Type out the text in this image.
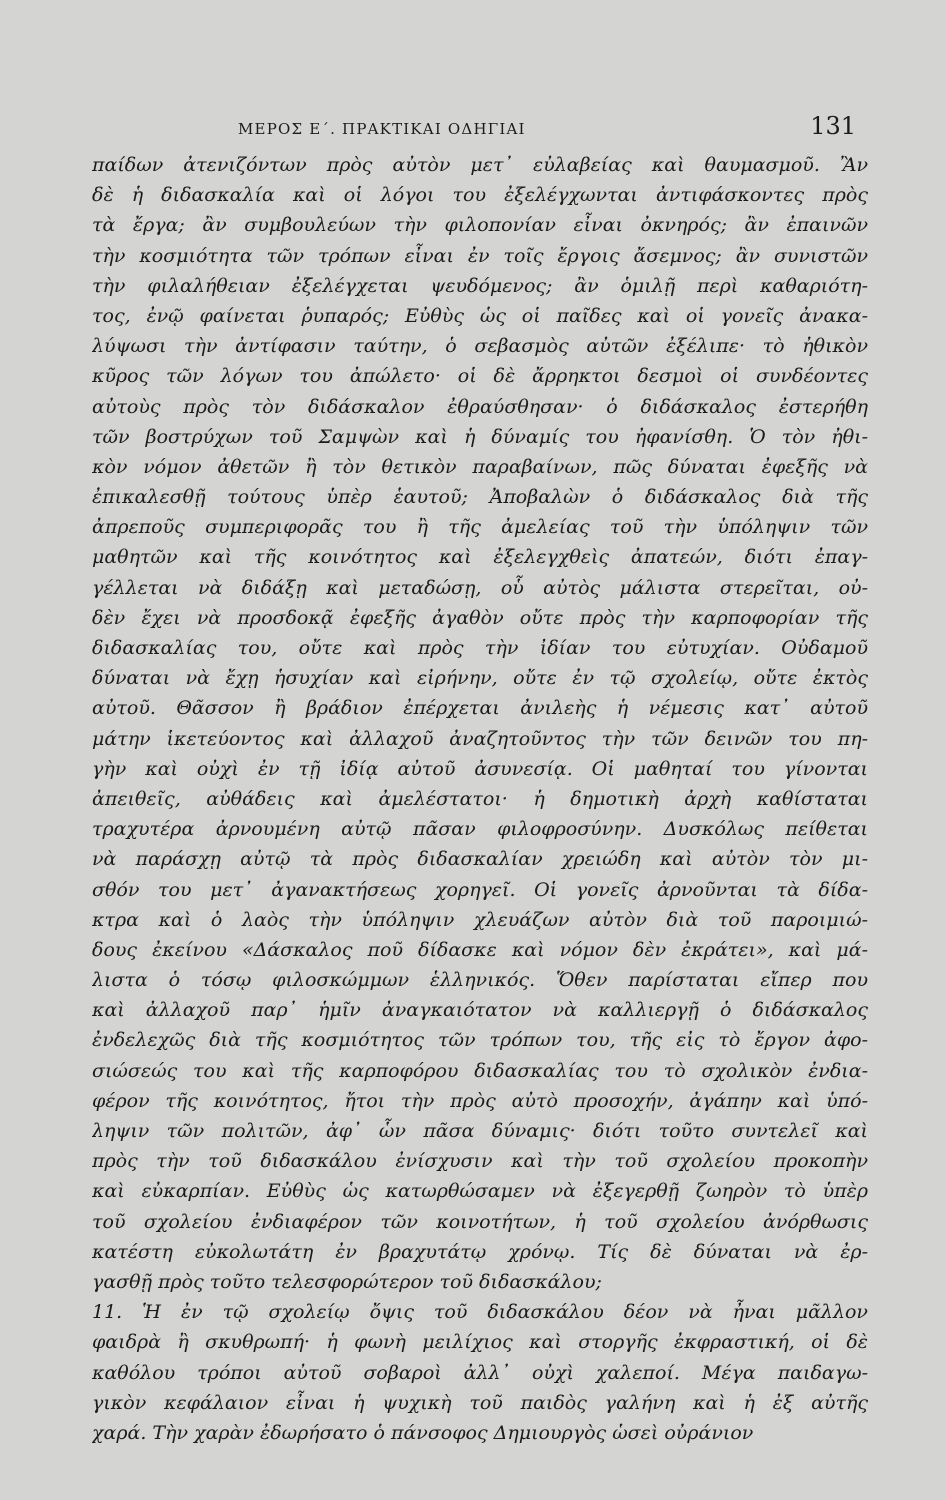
ΜΕΡΟΣ Ε΄. ΠΡΑΚΤΙΚΑΙ ΟΔΗΓΙΑΙ	131
παίδων ἀτενιζόντων πρὸς αὐτὸν μετ᾽ εὐλαβείας καὶ θαυμασμοῦ. Ἂν
δὲ ἡ διδασκαλία καὶ οἱ λόγοι του ἐξελέγχωνται ἀντιφάσκοντες πρὸς
τὰ ἔργα; ἂν συμβουλεύων τὴν φιλοπονίαν εἶναι ὀκνηρός; ἂν ἐπαινῶν
τὴν κοσμιότητα τῶν τρόπων εἶναι ἐν τοῖς ἔργοις ἄσεμνος; ἂν συνιστῶν
τὴν φιλαλήθειαν ἐξελέγχεται ψευδόμενος; ἂν ὁμιλῇ περὶ καθαριότη-
τος, ἐνῷ φαίνεται ῥυπαρός; Εὐθὺς ὡς οἱ παῖδες καὶ οἱ γονεῖς ἀνακα-
λύψωσι τὴν ἀντίφασιν ταύτην, ὁ σεβασμὸς αὐτῶν ἐξέλιπε· τὸ ἠθικὸν
κῦρος τῶν λόγων του ἀπώλετο· οἱ δὲ ἄρρηκτοι δεσμοὶ οἱ συνδέοντες
αὐτοὺς πρὸς τὸν διδάσκαλον ἐθραύσθησαν· ὁ διδάσκαλος ἐστερήθη
τῶν βοστρύχων τοῦ Σαμψὼν καὶ ἡ δύναμίς του ἠφανίσθη. Ὁ τὸν ἠθι-
κὸν νόμον ἀθετῶν ἢ τὸν θετικὸν παραβαίνων, πῶς δύναται ἐφεξῆς νὰ
ἐπικαλεσθῇ τούτους ὑπὲρ ἑαυτοῦ; Ἀποβαλὼν ὁ διδάσκαλος διὰ τῆς
ἀπρεποῦς συμπεριφορᾶς του ἢ τῆς ἀμελείας τοῦ τὴν ὑπόληψιν τῶν
μαθητῶν καὶ τῆς κοινότητος καὶ ἐξελεγχθεὶς ἀπατεών, διότι ἐπαγ-
γέλλεται νὰ διδάξῃ καὶ μεταδώσῃ, οὗ αὐτὸς μάλιστα στερεῖται, οὐ-
δὲν ἔχει νὰ προσδοκᾷ ἐφεξῆς ἀγαθὸν οὔτε πρὸς τὴν καρποφορίαν τῆς
διδασκαλίας του, οὔτε καὶ πρὸς τὴν ἰδίαν του εὐτυχίαν. Οὐδαμοῦ
δύναται νὰ ἔχῃ ἡσυχίαν καὶ εἰρήνην, οὔτε ἐν τῷ σχολείῳ, οὔτε ἐκτὸς
αὐτοῦ. Θᾶσσον ἢ βράδιον ἐπέρχεται ἀνιλεὴς ἡ νέμεσις κατ᾽ αὐτοῦ
μάτην ἱκετεύοντος καὶ ἀλλαχοῦ ἀναζητοῦντος τὴν τῶν δεινῶν του πη-
γὴν καὶ οὐχὶ ἐν τῇ ἰδίᾳ αὐτοῦ ἀσυνεσίᾳ. Οἱ μαθηταί του γίνονται
ἀπειθεῖς, αὐθάδεις καὶ ἀμελέστατοι· ἡ δημοτικὴ ἀρχὴ καθίσταται
τραχυτέρα ἀρνουμένη αὐτῷ πᾶσαν φιλοφροσύνην. Δυσκόλως πείθεται
νὰ παράσχῃ αὐτῷ τὰ πρὸς διδασκαλίαν χρειώδη καὶ αὐτὸν τὸν μι-
σθόν του μετ᾽ ἀγανακτήσεως χορηγεῖ. Οἱ γονεῖς ἀρνοῦνται τὰ δίδα-
κτρα καὶ ὁ λαὸς τὴν ὑπόληψιν χλευάζων αὐτὸν διὰ τοῦ παροιμιώ-
δους ἐκείνου «Δάσκαλος ποῦ δίδασκε καὶ νόμον δὲν ἐκράτει», καὶ μά-
λιστα ὁ τόσῳ φιλοσκώμμων ἑλληνικός. Ὅθεν παρίσταται εἴπερ που
καὶ ἀλλαχοῦ παρ᾽ ἡμῖν ἀναγκαιότατον νὰ καλλιεργῇ ὁ διδάσκαλος
ἐνδελεχῶς διὰ τῆς κοσμιότητος τῶν τρόπων του, τῆς εἰς τὸ ἔργον ἀφο-
σιώσεώς του καὶ τῆς καρποφόρου διδασκαλίας του τὸ σχολικὸν ἐνδια-
φέρον τῆς κοινότητος, ἤτοι τὴν πρὸς αὐτὸ προσοχήν, ἀγάπην καὶ ὑπό-
ληψιν τῶν πολιτῶν, ἀφ᾽ ὧν πᾶσα δύναμις· διότι τοῦτο συντελεῖ καὶ
πρὸς τὴν τοῦ διδασκάλου ἐνίσχυσιν καὶ τὴν τοῦ σχολείου προκοπὴν
καὶ εὐκαρπίαν. Εὐθὺς ὡς κατωρθώσαμεν νὰ ἐξεγερθῇ ζωηρὸν τὸ ὑπὲρ
τοῦ σχολείου ἐνδιαφέρον τῶν κοινοτήτων, ἡ τοῦ σχολείου ἀνόρθωσις
κατέστη εὐκολωτάτη ἐν βραχυτάτῳ χρόνῳ. Τίς δὲ δύναται νὰ ἐρ-
γασθῇ πρὸς τοῦτο τελεσφορώτερον τοῦ διδασκάλου;
11. Ἡ ἐν τῷ σχολείῳ ὄψις τοῦ διδασκάλου δέον νὰ ἦναι μᾶλλον
φαιδρὰ ἢ σκυθρωπή· ἡ φωνὴ μειλίχιος καὶ στοργῆς ἐκφραστική, οἱ δὲ
καθόλου τρόποι αὐτοῦ σοβαροὶ ἀλλ᾽ οὐχὶ χαλεποί. Μέγα παιδαγω-
γικὸν κεφάλαιον εἶναι ἡ ψυχικὴ τοῦ παιδὸς γαλήνη καὶ ἡ ἐξ αὐτῆς
χαρά. Τὴν χαρὰν ἐδωρήσατο ὁ πάνσοφος Δημιουργὸς ὡσεὶ οὐράνιον
